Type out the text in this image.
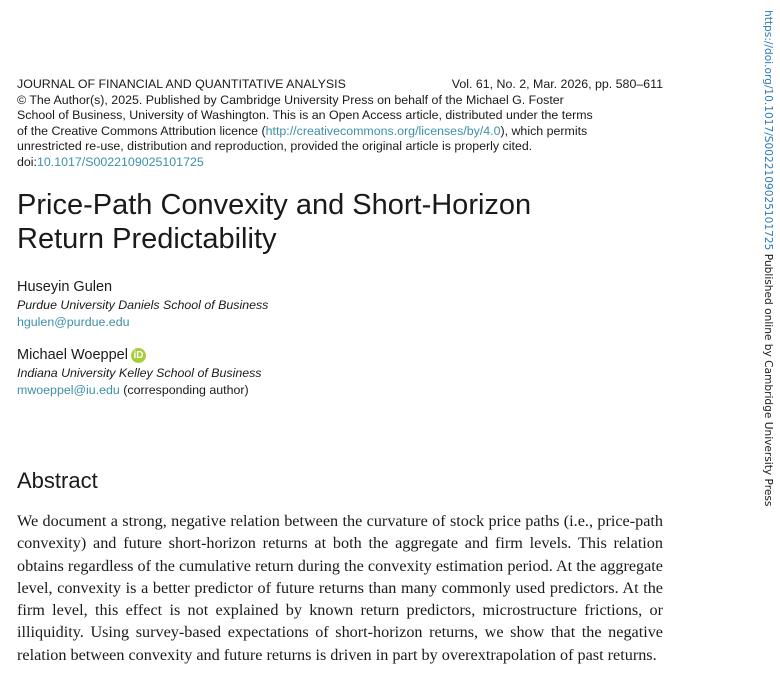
JOURNAL OF FINANCIAL AND QUANTITATIVE ANALYSIS	Vol. 61, No. 2, Mar. 2026, pp. 580–611
© The Author(s), 2025. Published by Cambridge University Press on behalf of the Michael G. Foster
School of Business, University of Washington. This is an Open Access article, distributed under the terms
of the Creative Commons Attribution licence (http://creativecommons.org/licenses/by/4.0), which permits
unrestricted re-use, distribution and reproduction, provided the original article is properly cited.
doi:10.1017/S0022109025101725
Price-Path Convexity and Short-Horizon
Return Predictability
Huseyin Gulen
Purdue University Daniels School of Business
hgulen@purdue.edu
Michael Woeppel iD
Indiana University Kelley School of Business
mwoeppel@iu.edu (corresponding author)
Abstract

We document a strong, negative relation between the curvature of stock price paths (i.e., price-path convexity) and future short-horizon returns at both the aggregate and firm levels. This relation obtains regardless of the cumulative return during the convexity estimation period. At the aggregate level, convexity is a better predictor of future returns than many commonly used predictors. At the firm level, this effect is not explained by known return predictors, microstructure frictions, or illiquidity. Using survey-based expectations of short-horizon returns, we show that the negative relation between convexity and future returns is driven in part by overextrapolation of past returns.

https://doi.org/10.1017/S0022109025101725 Published online by Cambridge University Press
